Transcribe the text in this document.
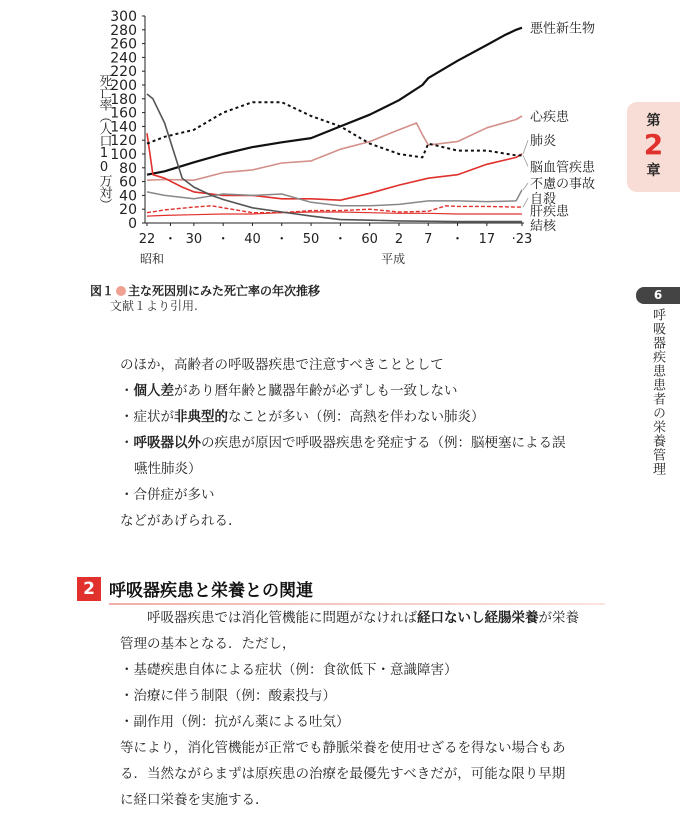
0
20
40
60
80
100
120
140
160
180
200
220
240
260
280
300
死亡率（人口10万対）
22 ・ 30 ・ 40 ・ 50 ・ 60 2 7 ・ 17 ·23
昭和	平成
悪性新生物
心疾患
肺炎
脳血管疾患
不慮の事故
自殺
肝疾患
結核
図１ 主な死因別にみた死亡率の年次推移
文献１より引用.
のほか，高齢者の呼吸器疾患で注意すべきこととして
・個人差があり暦年齢と臓器年齢が必ずしも一致しない
・症状が非典型的なことが多い（例：高熱を伴わない肺炎）
・呼吸器以外の疾患が原因で呼吸器疾患を発症する（例：脳梗塞による誤
嚥性肺炎）
・合併症が多い
などがあげられる.
2 呼吸器疾患と栄養との関連
呼吸器疾患では消化管機能に問題がなければ経口ないし経腸栄養が栄養
管理の基本となる．ただし，
・基礎疾患自体による症状（例：食欲低下・意識障害）
・治療に伴う制限（例：酸素投与）
・副作用（例：抗がん薬による吐気）
等により，消化管機能が正常でも静脈栄養を使用せざるを得ない場合もあ
る．当然ながらまずは原疾患の治療を最優先すべきだが，可能な限り早期
に経口栄養を実施する.
第
2
章
6
呼吸器疾患患者の栄養管理
